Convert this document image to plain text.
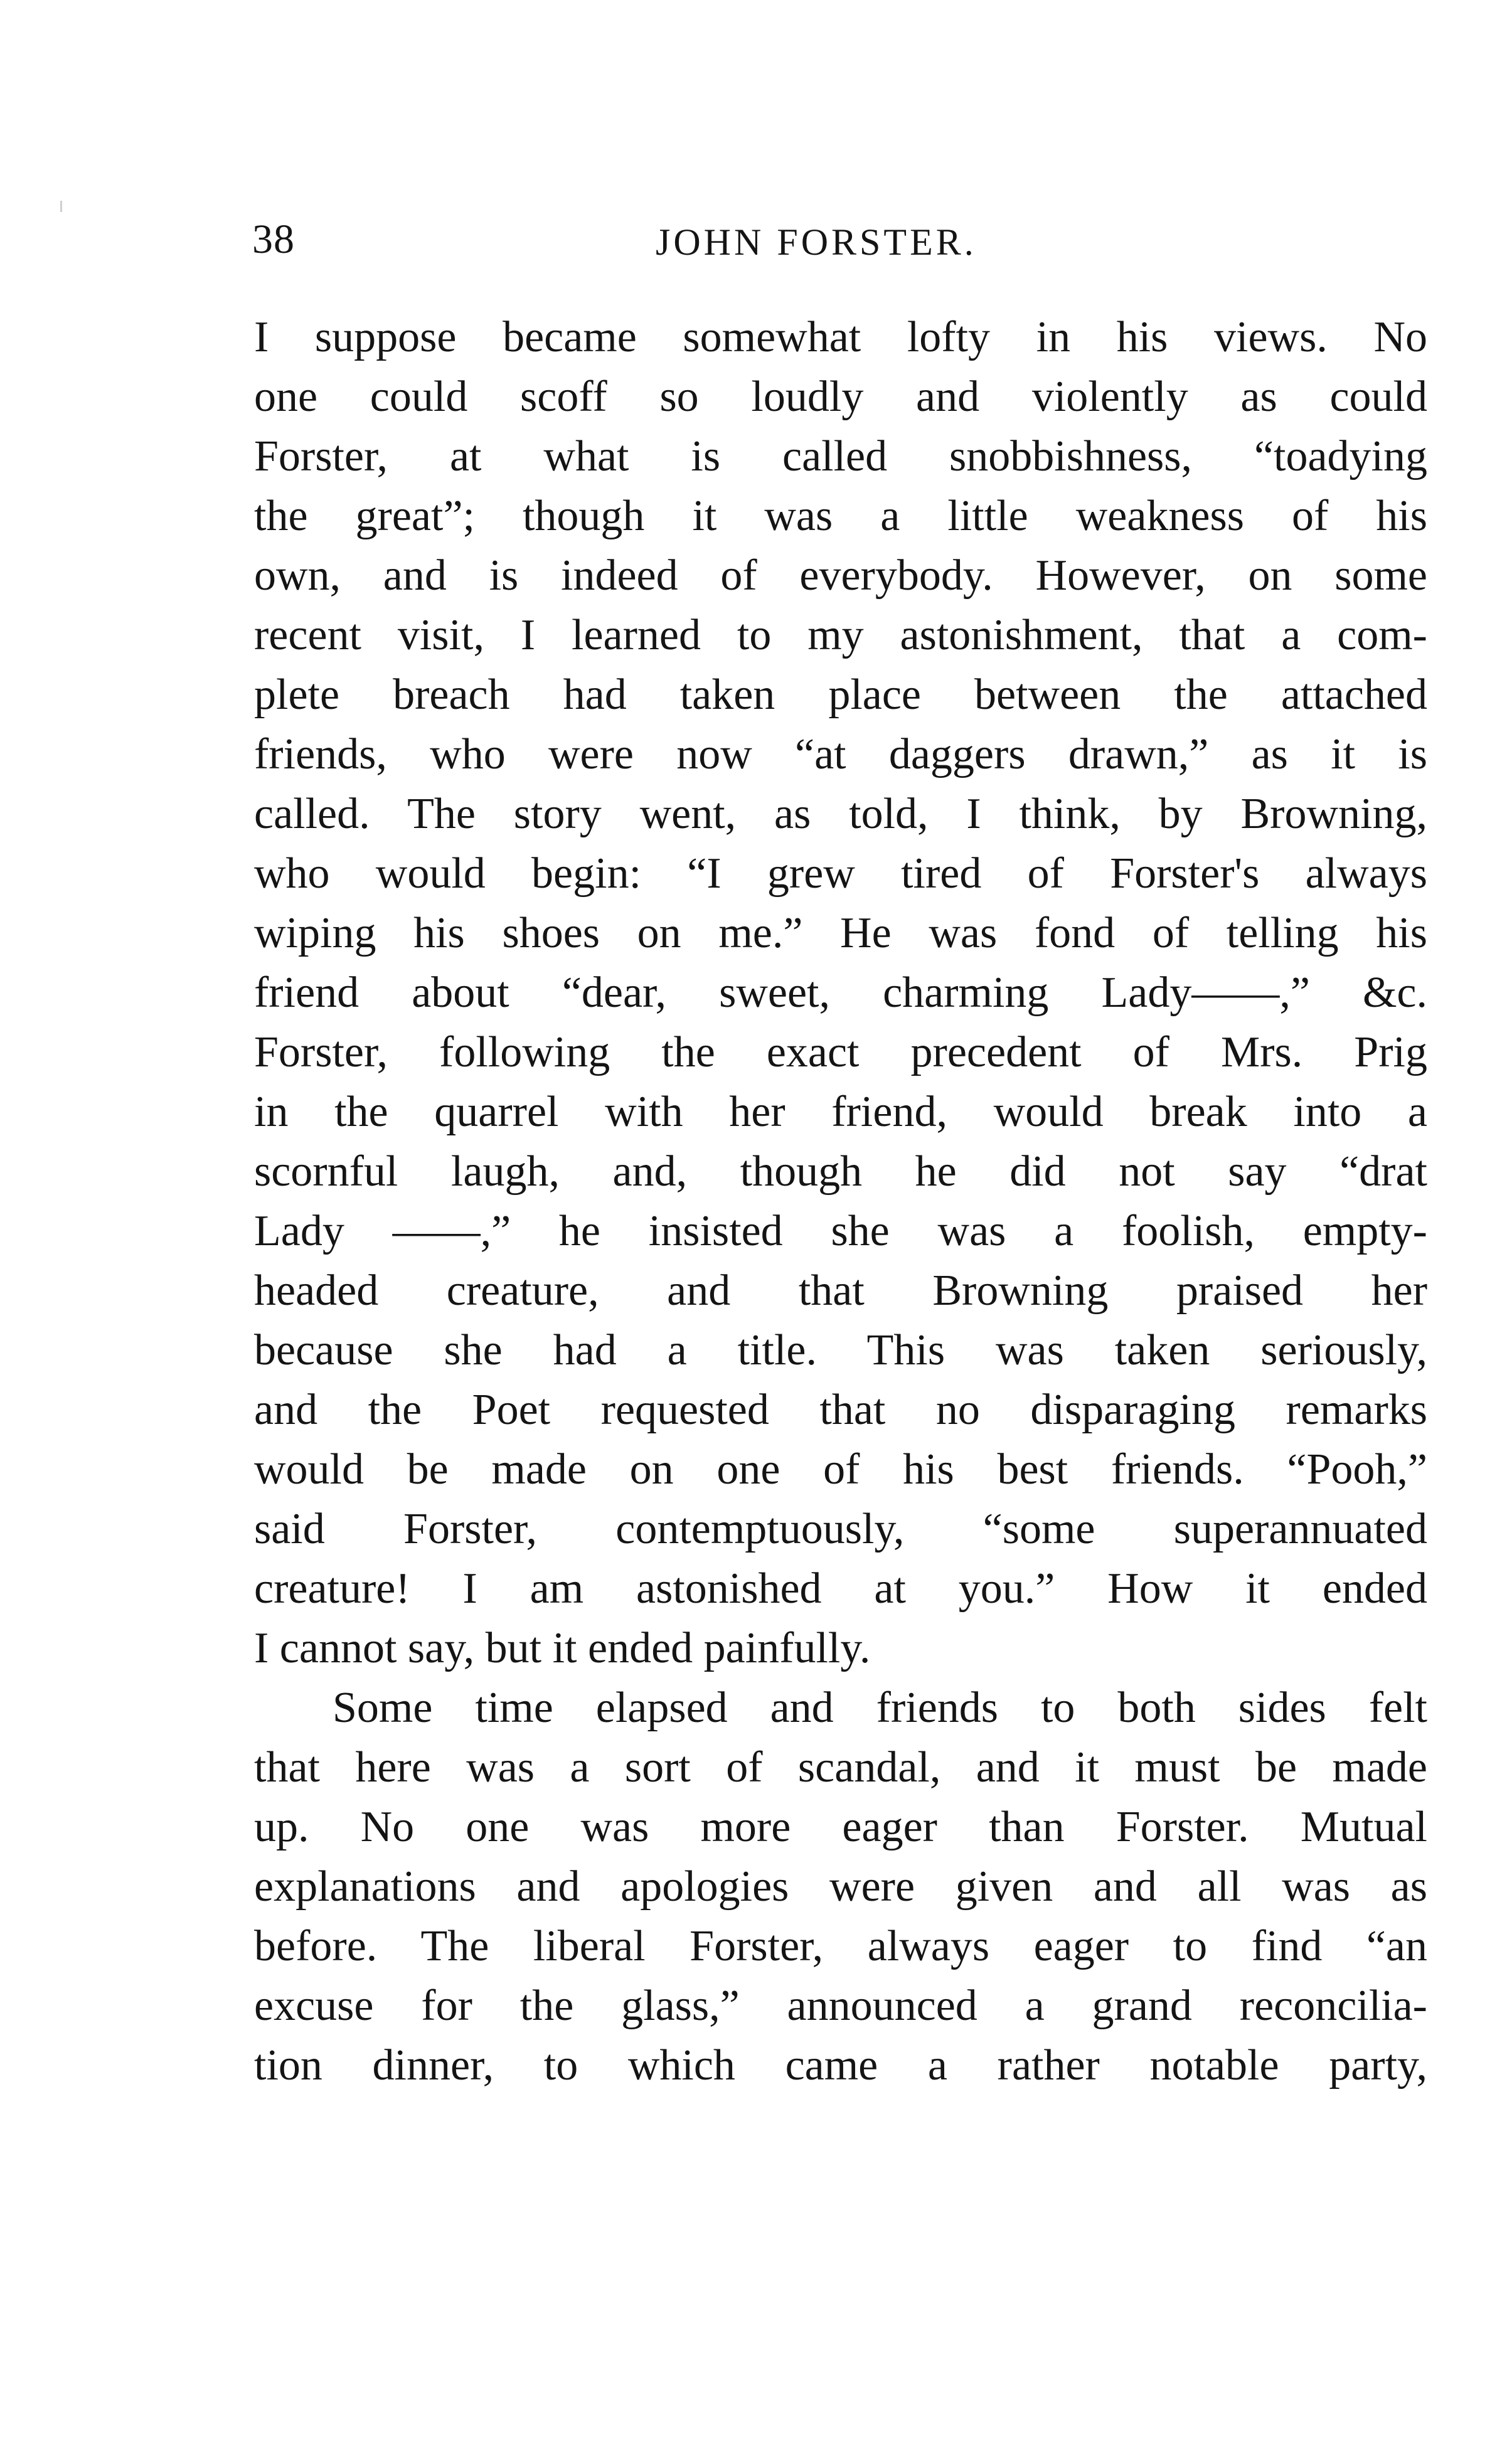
38	JOHN FORSTER.
I suppose became somewhat lofty in his views. No
one could scoff so loudly and violently as could
Forster, at what is called snobbishness, “toadying
the great”; though it was a little weakness of his
own, and is indeed of everybody. However, on some
recent visit, I learned to my astonishment, that a com-
plete breach had taken place between the attached
friends, who were now “at daggers drawn,” as it is
called. The story went, as told, I think, by Browning,
who would begin: “I grew tired of Forster's always
wiping his shoes on me.” He was fond of telling his
friend about “dear, sweet, charming Lady——,” &c.
Forster, following the exact precedent of Mrs. Prig
in the quarrel with her friend, would break into a
scornful laugh, and, though he did not say “drat
Lady ——,” he insisted she was a foolish, empty-
headed creature, and that Browning praised her
because she had a title. This was taken seriously,
and the Poet requested that no disparaging remarks
would be made on one of his best friends. “Pooh,”
said Forster, contemptuously, “some superannuated
creature! I am astonished at you.” How it ended
I cannot say, but it ended painfully.
Some time elapsed and friends to both sides felt
that here was a sort of scandal, and it must be made
up. No one was more eager than Forster. Mutual
explanations and apologies were given and all was as
before. The liberal Forster, always eager to find “an
excuse for the glass,” announced a grand reconcilia-
tion dinner, to which came a rather notable party,
